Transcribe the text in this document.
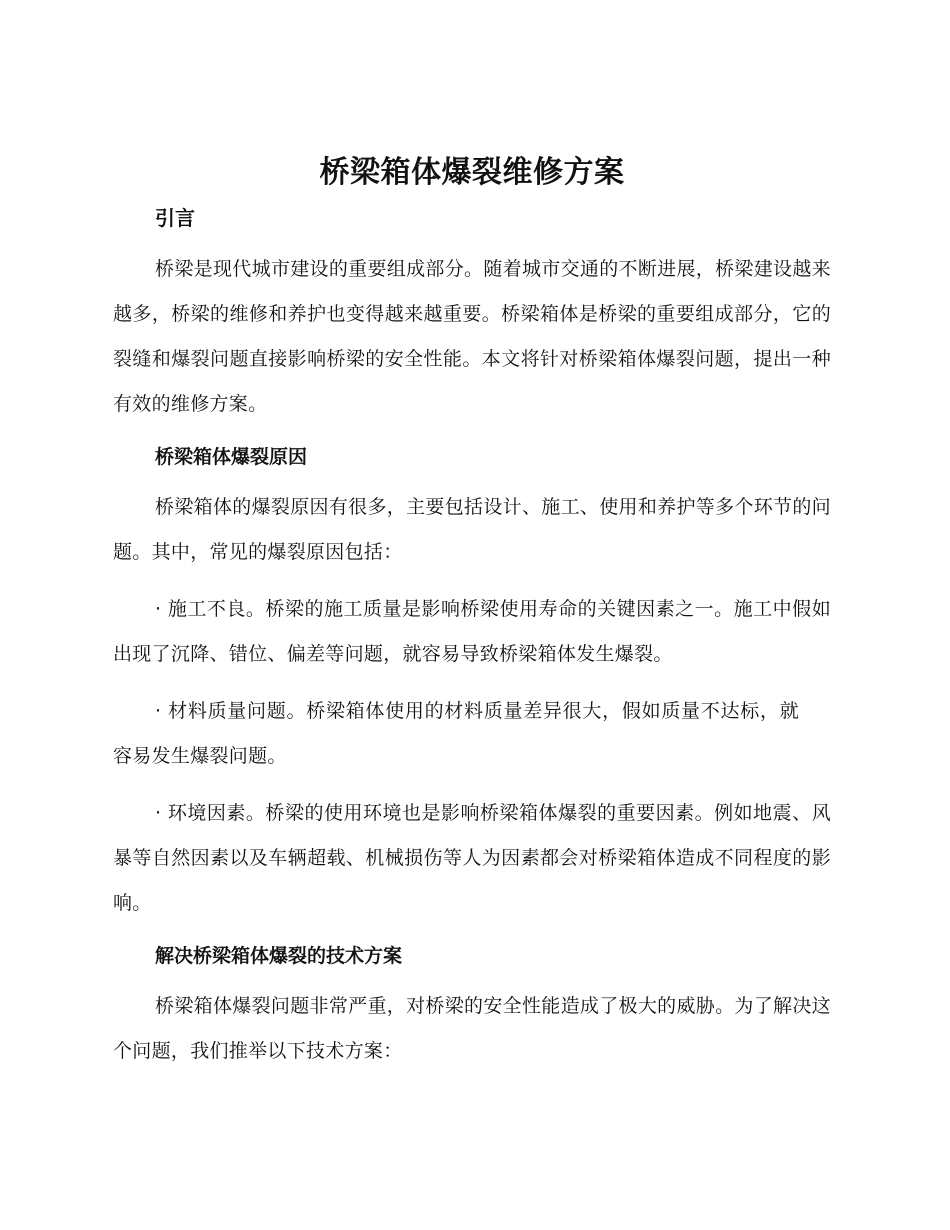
桥梁箱体爆裂维修方案
引言

桥梁是现代城市建设的重要组成部分。随着城市交通的不断进展，桥梁建设越来越多，桥梁的维修和养护也变得越来越重要。桥梁箱体是桥梁的重要组成部分，它的裂缝和爆裂问题直接影响桥梁的安全性能。本文将针对桥梁箱体爆裂问题，提出一种有效的维修方案。

桥梁箱体爆裂原因

桥梁箱体的爆裂原因有很多，主要包括设计、施工、使用和养护等多个环节的问题。其中，常见的爆裂原因包括：

· 施工不良。桥梁的施工质量是影响桥梁使用寿命的关键因素之一。施工中假如出现了沉降、错位、偏差等问题，就容易导致桥梁箱体发生爆裂。

· 材料质量问题。桥梁箱体使用的材料质量差异很大，假如质量不达标，就容易发生爆裂问题。

· 环境因素。桥梁的使用环境也是影响桥梁箱体爆裂的重要因素。例如地震、风暴等自然因素以及车辆超载、机械损伤等人为因素都会对桥梁箱体造成不同程度的影响。

解决桥梁箱体爆裂的技术方案

桥梁箱体爆裂问题非常严重，对桥梁的安全性能造成了极大的威胁。为了解决这个问题，我们推举以下技术方案：
